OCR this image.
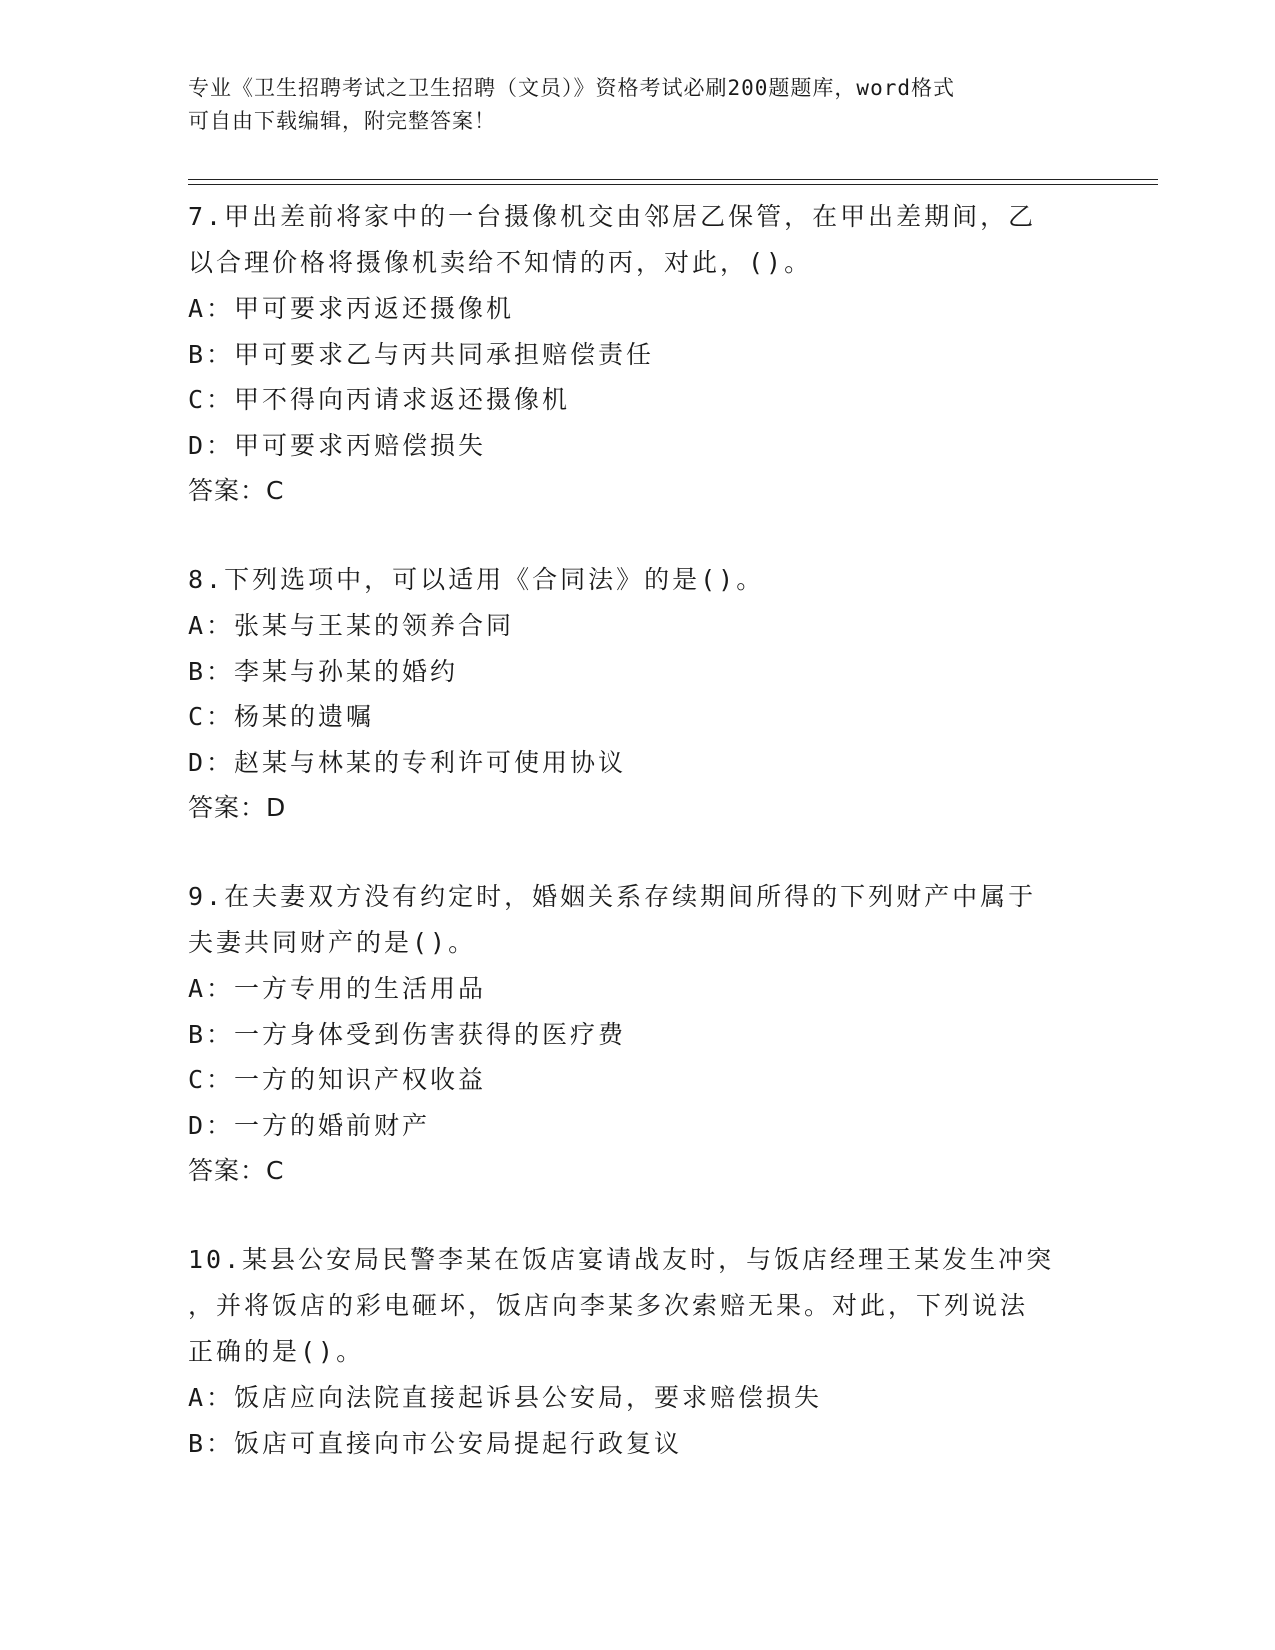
专业《卫生招聘考试之卫生招聘（文员）》资格考试必刷200题题库，word格式
可自由下载编辑，附完整答案！
7.甲出差前将家中的一台摄像机交由邻居乙保管，在甲出差期间，乙
以合理价格将摄像机卖给不知情的丙，对此，()。
A：甲可要求丙返还摄像机
B：甲可要求乙与丙共同承担赔偿责任
C：甲不得向丙请求返还摄像机
D：甲可要求丙赔偿损失
答案：C
8.下列选项中，可以适用《合同法》的是()。
A：张某与王某的领养合同
B：李某与孙某的婚约
C：杨某的遗嘱
D：赵某与林某的专利许可使用协议
答案：D
9.在夫妻双方没有约定时，婚姻关系存续期间所得的下列财产中属于
夫妻共同财产的是()。
A：一方专用的生活用品
B：一方身体受到伤害获得的医疗费
C：一方的知识产权收益
D：一方的婚前财产
答案：C
10.某县公安局民警李某在饭店宴请战友时，与饭店经理王某发生冲突
，并将饭店的彩电砸坏，饭店向李某多次索赔无果。对此，下列说法
正确的是()。
A：饭店应向法院直接起诉县公安局，要求赔偿损失
B：饭店可直接向市公安局提起行政复议
